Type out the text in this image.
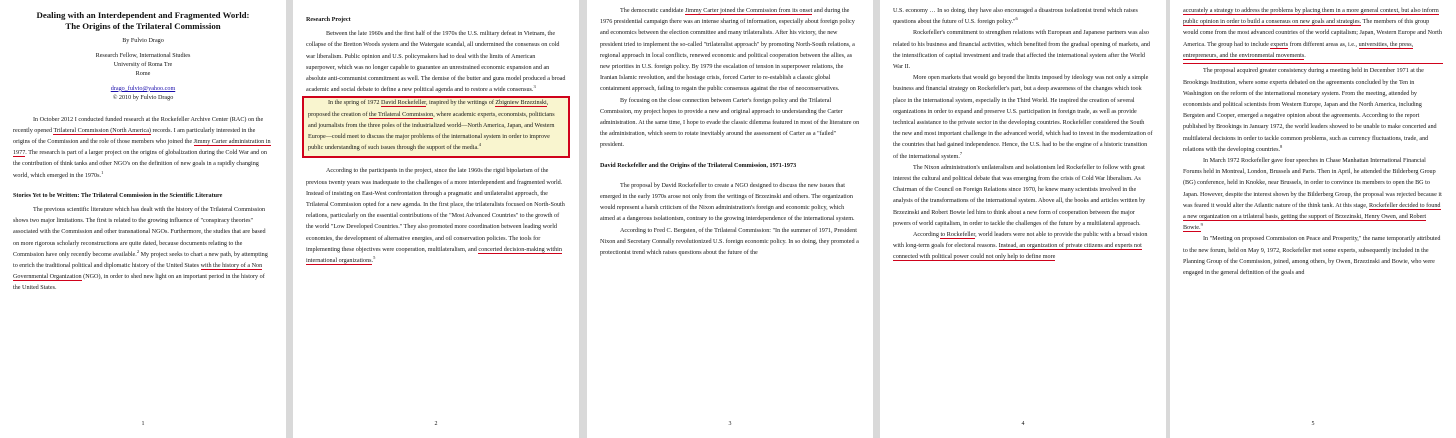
Dealing with an Interdependent and Fragmented World:
The Origins of the Trilateral Commission
By Fulvio Drago
Research Fellow, International Studies
University of Roma Tre
Rome
drago_fulvio@yahoo.com
© 2010 by Fulvio Drago

In October 2012 I conducted funded research at the Rockefeller Archive Center (RAC) on the recently opened Trilateral Commission (North America) records. I am particularly interested in the origins of the Commission and the role of those members who joined the Jimmy Carter administration in 1977. The research is part of a larger project on the origins of globalization during the Cold War and on the contribution of think tanks and other NGO's on the definition of new goals in a rapidly changing world, which emerged in the 1970s.$^1$

Stories Yet to be Written: The Trilateral Commission in the Scientific Literature

The previous scientific literature which has dealt with the history of the Trilateral Commission shows two major limitations. The first is related to the growing influence of "conspiracy theories" associated with the Commission and other transnational NGOs. Furthermore, the studies that are based on more rigorous scholarly reconstructions are quite dated, because documents relating to the Commission have only recently become available.$^2$ My project seeks to chart a new path, by attempting to enrich the traditional political and diplomatic history of the United States with the history of a Non Governmental Organization (NGO), in order to shed new light on an important period in the history of the United States.

1

Research Project

Between the late 1960s and the first half of the 1970s the U.S. military defeat in Vietnam, the collapse of the Bretton Woods system and the Watergate scandal, all undermined the consensus on cold war liberalism. Public opinion and U.S. policymakers had to deal with the limits of American superpower, which was no longer capable to guarantee an unrestrained economic expansion and an absolute anti-communist commitment as well. The demise of the butter and guns model produced a broad academic and social debate to define a new political agenda and to restore a wide consensus.$^3$

In the spring of 1972 David Rockefeller, inspired by the writings of Zbigniew Brzezinski, proposed the creation of the Trilateral Commission, where academic experts, economists, politicians and journalists from the three poles of the industrialized world—North America, Japan, and Western Europe—could meet to discuss the major problems of the international system in order to improve public understanding of such issues through the support of the media.$^4$

According to the participants in the project, since the late 1960s the rigid bipolarism of the previous twenty years was inadequate to the challenges of a more interdependent and fragmented world. Instead of insisting on East-West confrontation through a pragmatic and unilateralist approach, the Trilateral Commission opted for a new agenda. In the first place, the trilateralists focused on North-South relations, particularly on the essential contributions of the "Most Advanced Countries" to the growth of the world "Low Developed Countries." They also promoted more coordination between leading world economies, the development of alternative energies, and oil conservation policies. The tools for implementing these objectives were cooperation, multilateralism, and concerted decision-making within international organizations.$^5$

2

The democratic candidate Jimmy Carter joined the Commission from its onset and during the 1976 presidential campaign there was an intense sharing of information, especially about foreign policy and economics between the election committee and many trilateralists. After his victory, the new president tried to implement the so-called "trilateralist approach" by promoting North-South relations, a regional approach in local conflicts, renewed economic and political cooperation between the allies, as new priorities in U.S. foreign policy. By 1979 the escalation of tension in superpower relations, the Iranian Islamic revolution, and the hostage crisis, forced Carter to re-establish a classic global containment approach, failing to regain the public consensus against the rise of neoconservatives.

By focusing on the close connection between Carter's foreign policy and the Trilateral Commission, my project hopes to provide a new and original approach to understanding the Carter administration. At the same time, I hope to evade the classic dilemma featured in most of the literature on the administration, which seem to rotate inevitably around the assessment of Carter as a "failed" president.

David Rockefeller and the Origins of the Trilateral Commission, 1971-1973

The proposal by David Rockefeller to create a NGO designed to discuss the new issues that emerged in the early 1970s arose not only from the writings of Brzezinski and others. The organization would represent a harsh criticism of the Nixon administration's foreign and economic policy, which aimed at a dangerous isolationism, contrary to the growing interdependence of the international system.

According to Fred C. Bergsten, of the Trilateral Commission: "In the summer of 1971, President Nixon and Secretary Connally revolutionized U.S. foreign economic policy. In so doing, they promoted a protectionist trend which raises questions about the future of the

3

U.S. economy … In so doing, they have also encouraged a disastrous isolationist trend which raises questions about the future of U.S. foreign policy."$^6$

Rockefeller's commitment to strengthen relations with European and Japanese partners was also related to his business and financial activities, which benefited from the gradual opening of markets, and the intensification of capital investment and trade that affected the international system after the World War II.

More open markets that would go beyond the limits imposed by ideology was not only a simple business and financial strategy on Rockefeller's part, but a deep awareness of the changes which took place in the international system, especially in the Third World. He inspired the creation of several organizations in order to expand and preserve U.S. participation in foreign trade, as well as provide technical assistance to the private sector in the developing countries. Rockefeller considered the South the new and most important challenge in the advanced world, which had to invest in the modernization of the countries that had gained independence. Hence, the U.S. had to be the engine of a historic transition of the international system.$^7$

The Nixon administration's unilateralism and isolationism led Rockefeller to follow with great interest the cultural and political debate that was emerging from the crisis of Cold War liberalism. As Chairman of the Council on Foreign Relations since 1970, he knew many scientists involved in the analysis of the transformations of the international system. Above all, the books and articles written by Brzezinski and Robert Bowie led him to think about a new form of cooperation between the major powers of world capitalism, in order to tackle the challenges of the future by a multilateral approach.

According to Rockefeller, world leaders were not able to provide the public with a broad vision with long-term goals for electoral reasons. Instead, an organization of private citizens and experts not connected with political power could not only help to define more

4

accurately a strategy to address the problems by placing them in a more general context, but also inform public opinion in order to build a consensus on new goals and strategies. The members of this group would come from the most advanced countries of the world capitalism; Japan, Western Europe and North America. The group had to include experts from different areas as, i.e., universities, the press, entrepreneurs, and the environmental movements.

The proposal acquired greater consistency during a meeting held in December 1971 at the Brookings Institution, where some experts debated on the agreements concluded by the Ten in Washington on the reform of the international monetary system. From the meeting, attended by economists and political scientists from Western Europe, Japan and the North America, including Bergsten and Cooper, emerged a negative opinion about the agreements. According to the report published by Brookings in January 1972, the world leaders showed to be unable to make concerted and multilateral decisions in order to tackle common problems, such as currency fluctuations, trade, and relations with the developing countries.$^8$

In March 1972 Rockefeller gave four speeches in Chase Manhattan International Financial Forums held in Montreal, London, Brussels and Paris. Then in April, he attended the Bilderberg Group (BG) conference, held in Knokke, near Brussels, in order to convince its members to open the BG to Japan. However, despite the interest shown by the Bilderberg Group, the proposal was rejected because it was feared it would alter the Atlantic nature of the think tank. At this stage, Rockefeller decided to found a new organization on a trilateral basis, getting the support of Brzezinski, Henry Owen, and Robert Bowie.$^9$

In "Meeting on proposed Commission on Peace and Prosperity," the name temporarily attributed to the new forum, held on May 9, 1972, Rockefeller met some experts, subsequently included in the Planning Group of the Commission, joined, among others, by Owen, Brzezinski and Bowie, who were engaged in the general definition of the goals and

5
